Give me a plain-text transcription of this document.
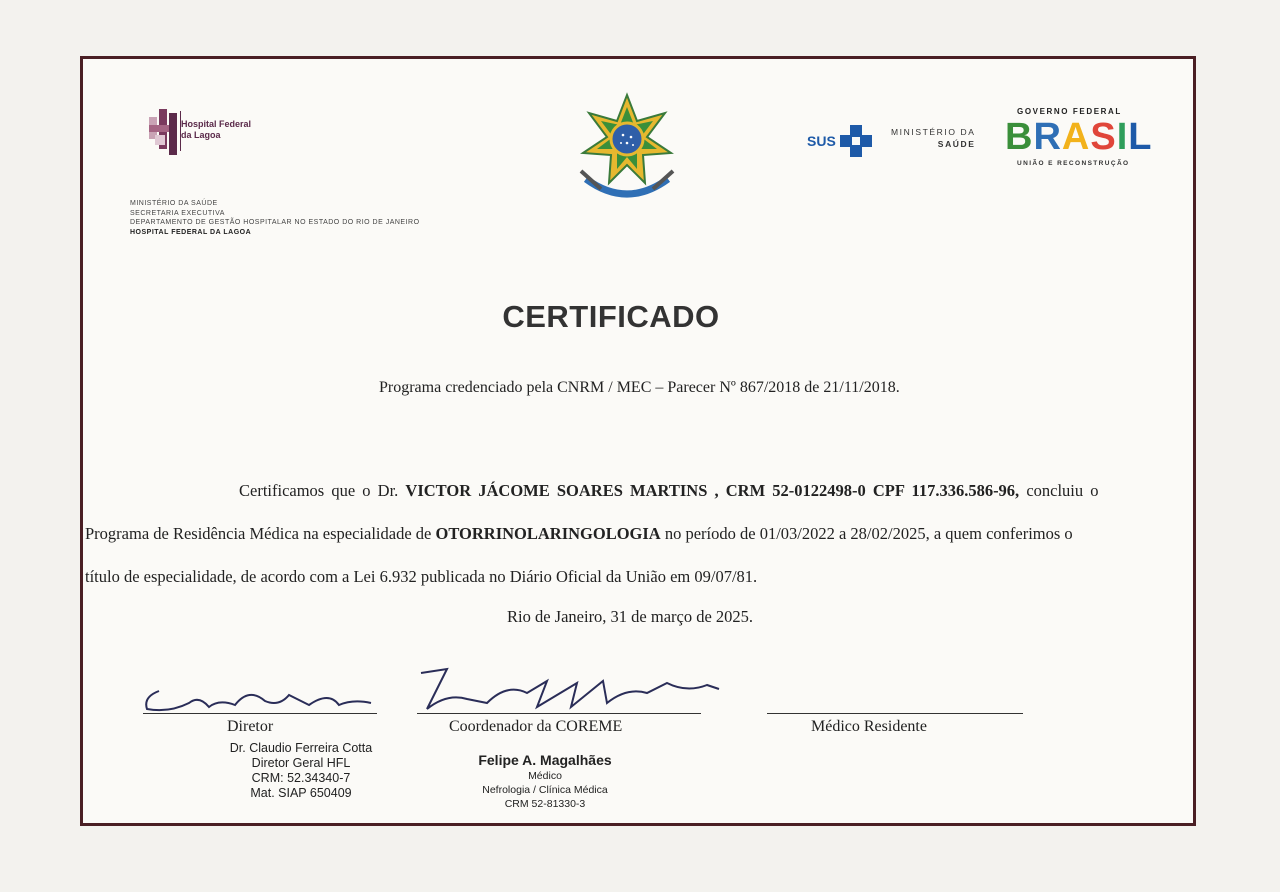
Hospital Federal
da Lagoa
MINISTÉRIO DA SAÚDE
SECRETARIA EXECUTIVA
DEPARTAMENTO DE GESTÃO HOSPITALAR NO ESTADO DO RIO DE JANEIRO
HOSPITAL FEDERAL DA LAGOA
SUS
MINISTÉRIO DA
SAÚDE
GOVERNO FEDERAL
BRASIL
UNIÃO E RECONSTRUÇÃO
CERTIFICADO
Programa credenciado pela CNRM / MEC – Parecer Nº 867/2018 de 21/11/2018.
Certificamos que o Dr. VICTOR JÁCOME SOARES MARTINS , CRM 52-0122498-0 CPF 117.336.586-96, concluiu o
Programa de Residência Médica na especialidade de OTORRINOLARINGOLOGIA no período de 01/03/2022 a 28/02/2025, a quem conferimos o
título de especialidade, de acordo com a Lei 6.932 publicada no Diário Oficial da União em 09/07/81.
Rio de Janeiro, 31 de março de 2025.
Diretor
Dr. Claudio Ferreira Cotta
Diretor Geral HFL
CRM: 52.34340-7
Mat. SIAP 650409
Coordenador da COREME
Felipe A. Magalhães
Médico
Nefrologia / Clínica Médica
CRM 52-81330-3
Médico Residente
